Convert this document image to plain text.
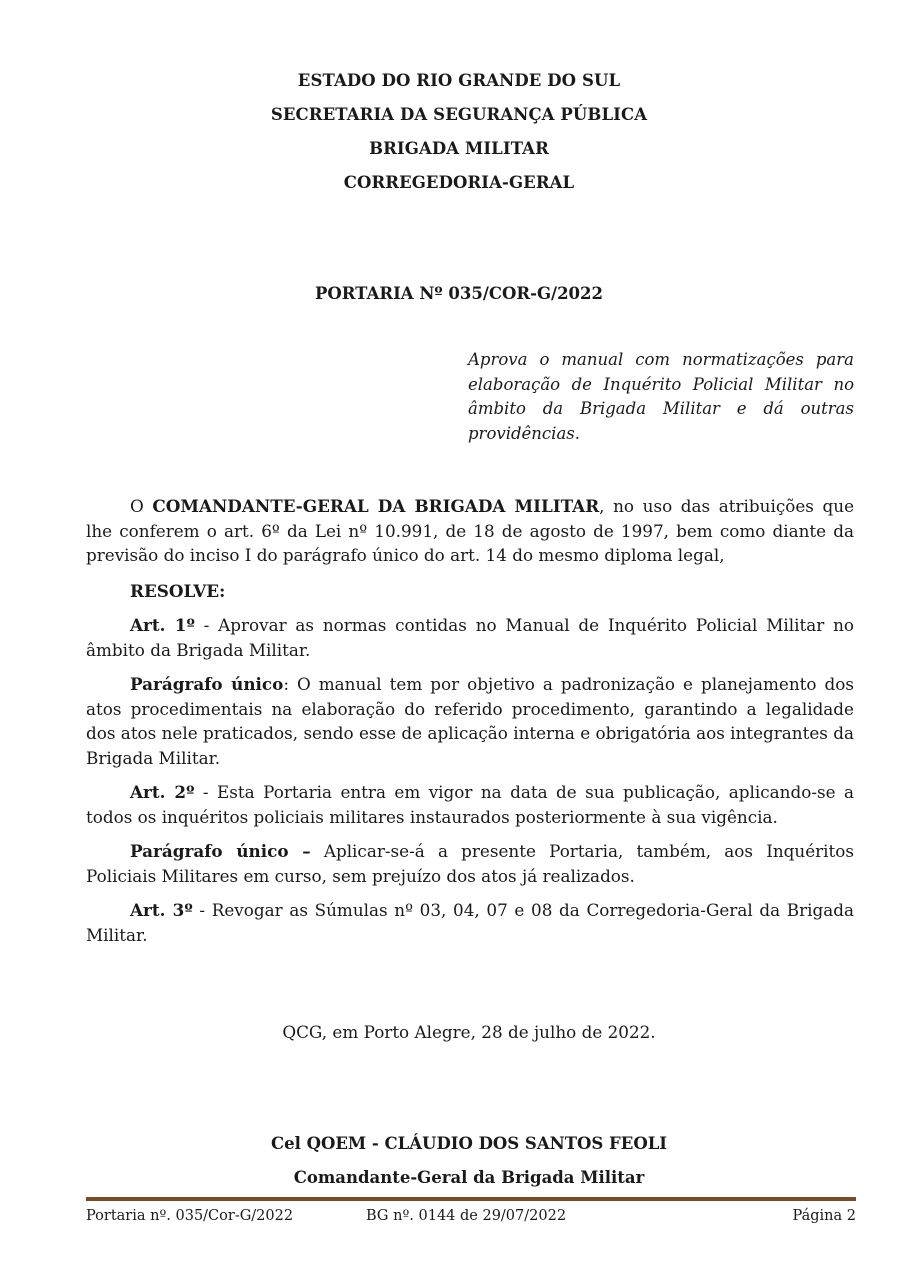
ESTADO DO RIO GRANDE DO SUL
SECRETARIA DA SEGURANÇA PÚBLICA
BRIGADA MILITAR
CORREGEDORIA-GERAL
PORTARIA Nº 035/COR-G/2022
Aprova o manual com normatizações para elaboração de Inquérito Policial Militar no âmbito da Brigada Militar e dá outras providências.

O COMANDANTE-GERAL DA BRIGADA MILITAR, no uso das atribuições que lhe conferem o art. 6º da Lei nº 10.991, de 18 de agosto de 1997, bem como diante da previsão do inciso I do parágrafo único do art. 14 do mesmo diploma legal,

RESOLVE:

Art. 1º - Aprovar as normas contidas no Manual de Inquérito Policial Militar no âmbito da Brigada Militar.

Parágrafo único: O manual tem por objetivo a padronização e planejamento dos atos procedimentais na elaboração do referido procedimento, garantindo a legalidade dos atos nele praticados, sendo esse de aplicação interna e obrigatória aos integrantes da Brigada Militar.

Art. 2º - Esta Portaria entra em vigor na data de sua publicação, aplicando-se a todos os inquéritos policiais militares instaurados posteriormente à sua vigência.

Parágrafo único – Aplicar-se-á a presente Portaria, também, aos Inquéritos Policiais Militares em curso, sem prejuízo dos atos já realizados.

Art. 3º - Revogar as Súmulas nº 03, 04, 07 e 08 da Corregedoria-Geral da Brigada Militar.

QCG, em Porto Alegre, 28 de julho de 2022.
Cel QOEM - CLÁUDIO DOS SANTOS FEOLI
Comandante-Geral da Brigada Militar
Portaria nº. 035/Cor-G/2022	BG nº. 0144 de 29/07/2022	Página 2
